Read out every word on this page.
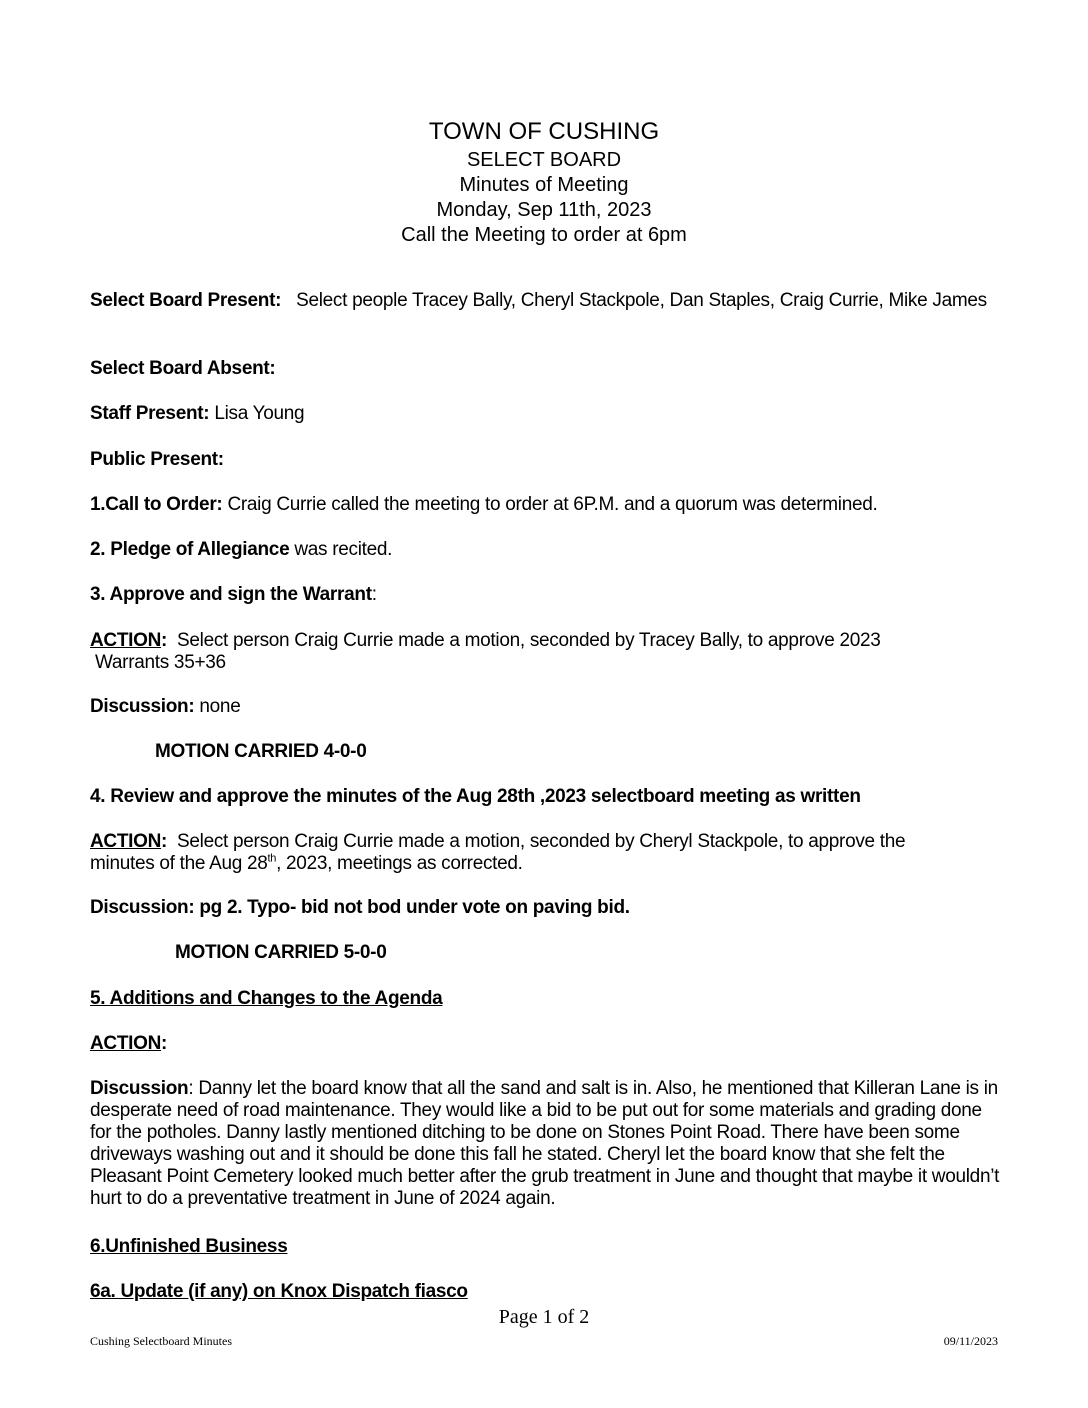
TOWN OF CUSHING
SELECT BOARD
Minutes of Meeting
Monday, Sep 11th, 2023
Call the Meeting to order at 6pm
Select Board Present: Select people Tracey Bally, Cheryl Stackpole, Dan Staples, Craig Currie, Mike James
Select Board Absent:
Staff Present: Lisa Young
Public Present:
1.Call to Order: Craig Currie called the meeting to order at 6P.M. and a quorum was determined.
2. Pledge of Allegiance was recited.
3. Approve and sign the Warrant:
ACTION: Select person Craig Currie made a motion, seconded by Tracey Bally, to approve 2023
Warrants 35+36
Discussion: none
MOTION CARRIED 4-0-0
4. Review and approve the minutes of the Aug 28th ,2023 selectboard meeting as written
ACTION: Select person Craig Currie made a motion, seconded by Cheryl Stackpole, to approve the
minutes of the Aug 28th, 2023, meetings as corrected.
Discussion: pg 2. Typo- bid not bod under vote on paving bid.
MOTION CARRIED 5-0-0
5. Additions and Changes to the Agenda
ACTION:
Discussion: Danny let the board know that all the sand and salt is in. Also, he mentioned that Killeran Lane is in desperate need of road maintenance. They would like a bid to be put out for some materials and grading done for the potholes. Danny lastly mentioned ditching to be done on Stones Point Road. There have been some driveways washing out and it should be done this fall he stated. Cheryl let the board know that she felt the Pleasant Point Cemetery looked much better after the grub treatment in June and thought that maybe it wouldn’t hurt to do a preventative treatment in June of 2024 again.
6.Unfinished Business
6a. Update (if any) on Knox Dispatch fiasco
Page 1 of 2
Cushing Selectboard Minutes	09/11/2023
